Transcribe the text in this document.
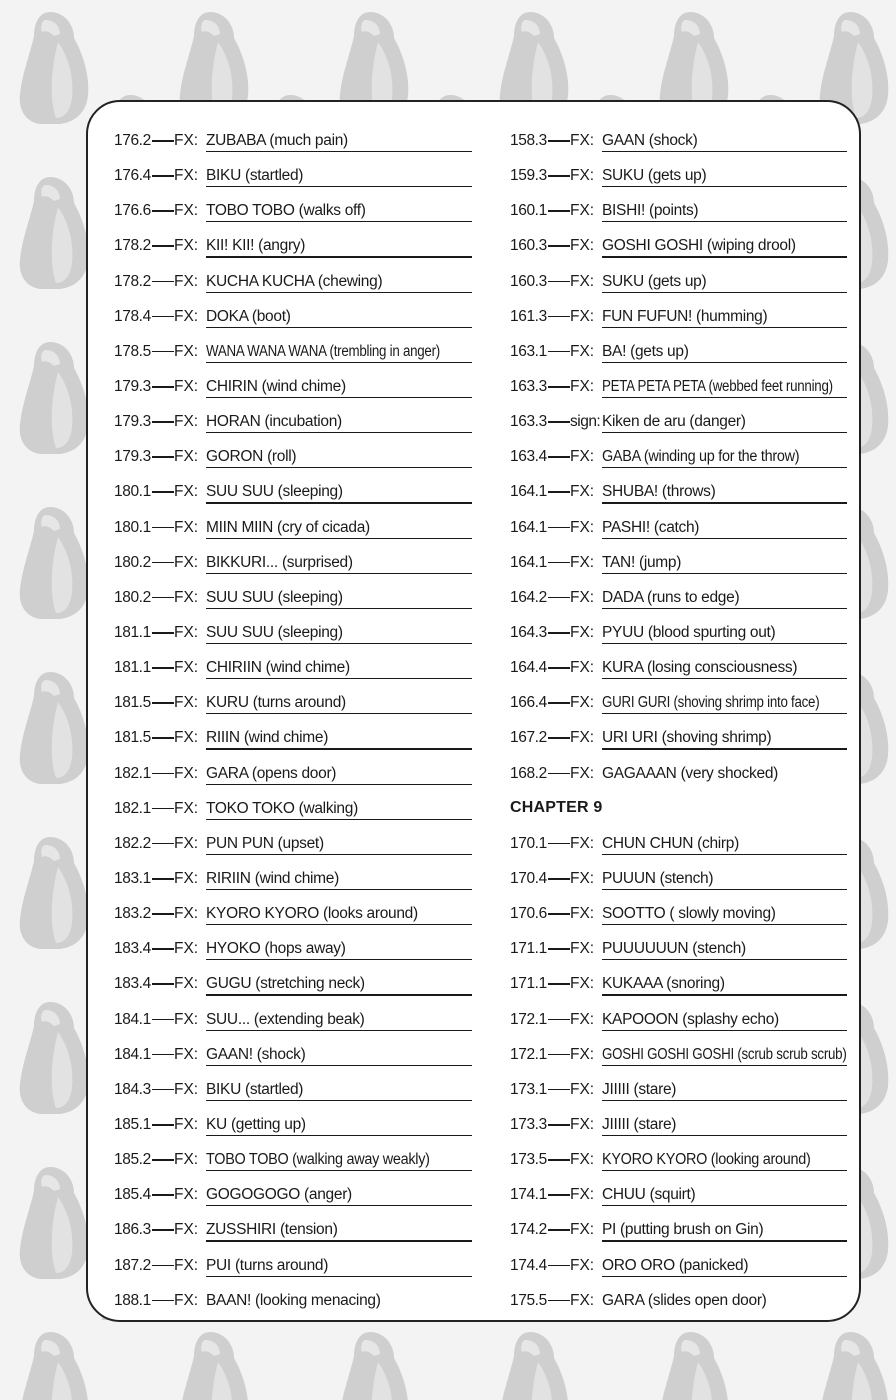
176.2 FX: ZUBABA (much pain)
176.4 FX: BIKU (startled)
176.6 FX: TOBO TOBO (walks off)
178.2 FX: KII! KII! (angry)
178.2 FX: KUCHA KUCHA (chewing)
178.4 FX: DOKA (boot)
178.5 FX: WANA WANA WANA (trembling in anger)
179.3 FX: CHIRIN (wind chime)
179.3 FX: HORAN (incubation)
179.3 FX: GORON (roll)
180.1 FX: SUU SUU (sleeping)
180.1 FX: MIIN MIIN (cry of cicada)
180.2 FX: BIKKURI... (surprised)
180.2 FX: SUU SUU (sleeping)
181.1 FX: SUU SUU (sleeping)
181.1 FX: CHIRIIN (wind chime)
181.5 FX: KURU (turns around)
181.5 FX: RIIIN (wind chime)
182.1 FX: GARA (opens door)
182.1 FX: TOKO TOKO (walking)
182.2 FX: PUN PUN (upset)
183.1 FX: RIRIIN (wind chime)
183.2 FX: KYORO KYORO (looks around)
183.4 FX: HYOKO (hops away)
183.4 FX: GUGU (stretching neck)
184.1 FX: SUU... (extending beak)
184.1 FX: GAAN! (shock)
184.3 FX: BIKU (startled)
185.1 FX: KU (getting up)
185.2 FX: TOBO TOBO (walking away weakly)
185.4 FX: GOGOGOGO (anger)
186.3 FX: ZUSSHIRI (tension)
187.2 FX: PUI (turns around)
188.1 FX: BAAN! (looking menacing)
158.3 FX: GAAN (shock)
159.3 FX: SUKU (gets up)
160.1 FX: BISHI! (points)
160.3 FX: GOSHI GOSHI (wiping drool)
160.3 FX: SUKU (gets up)
161.3 FX: FUN FUFUN! (humming)
163.1 FX: BA! (gets up)
163.3 FX: PETA PETA PETA (webbed feet running)
163.3 sign: Kiken de aru (danger)
163.4 FX: GABA (winding up for the throw)
164.1 FX: SHUBA! (throws)
164.1 FX: PASHI! (catch)
164.1 FX: TAN! (jump)
164.2 FX: DADA (runs to edge)
164.3 FX: PYUU (blood spurting out)
164.4 FX: KURA (losing consciousness)
166.4 FX: GURI GURI (shoving shrimp into face)
167.2 FX: URI URI (shoving shrimp)
168.2 FX: GAGAAAN (very shocked)
CHAPTER 9
170.1 FX: CHUN CHUN (chirp)
170.4 FX: PUUUN (stench)
170.6 FX: SOOTTO ( slowly moving)
171.1 FX: PUUUUUUN (stench)
171.1 FX: KUKAAA (snoring)
172.1 FX: KAPOOON (splashy echo)
172.1 FX: GOSHI GOSHI GOSHI (scrub scrub scrub)
173.1 FX: JIIIII (stare)
173.3 FX: JIIIII (stare)
173.5 FX: KYORO KYORO (looking around)
174.1 FX: CHUU (squirt)
174.2 FX: PI (putting brush on Gin)
174.4 FX: ORO ORO (panicked)
175.5 FX: GARA (slides open door)
